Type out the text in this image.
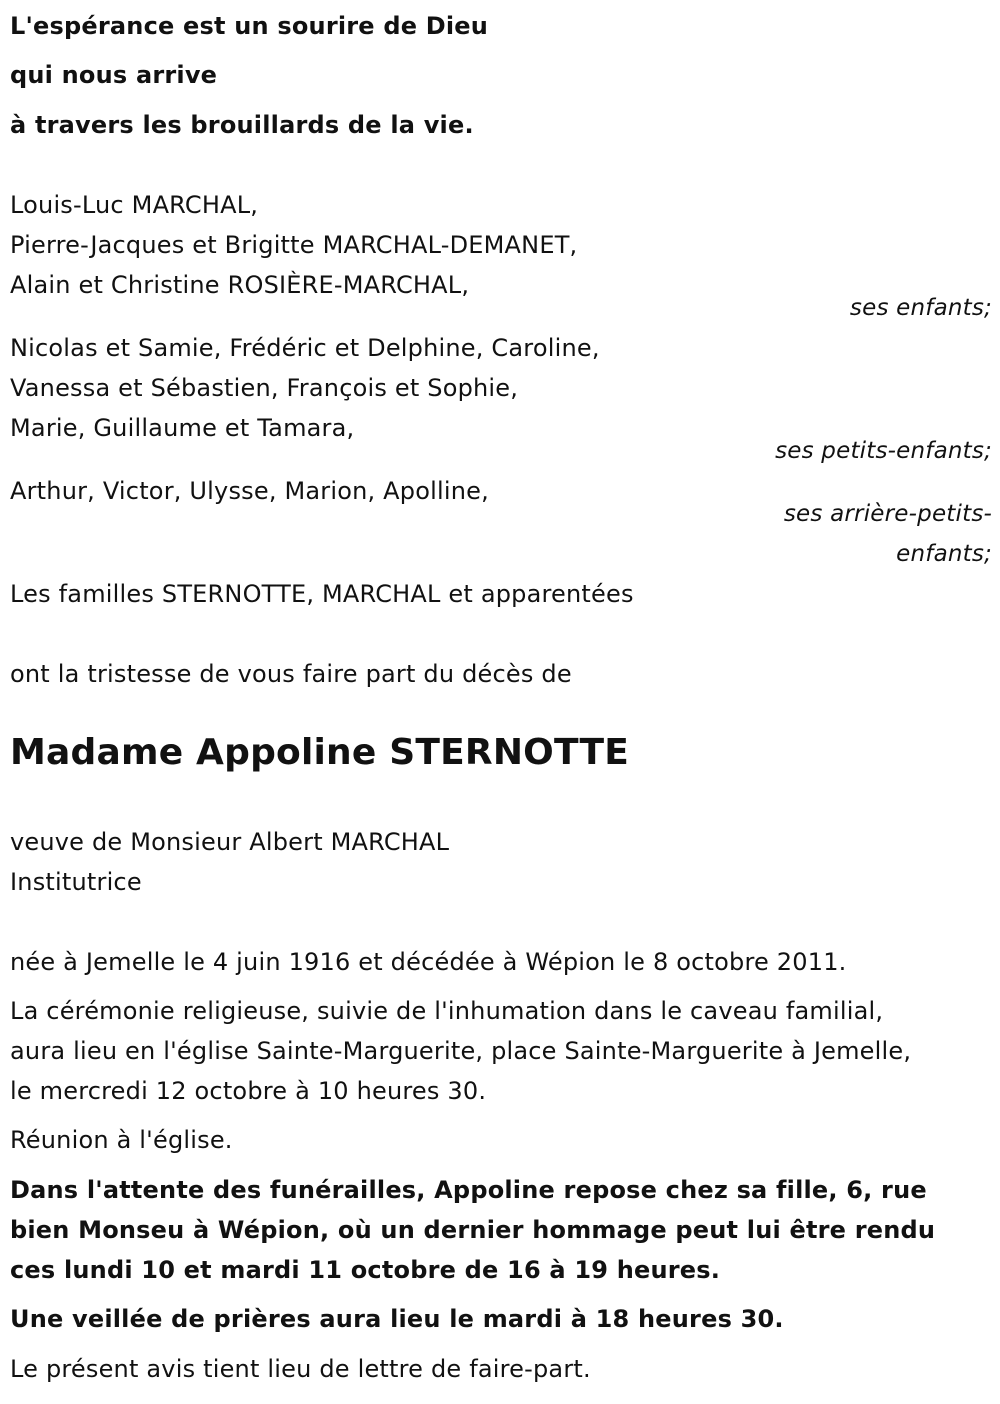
L'espérance est un sourire de Dieu
qui nous arrive
à travers les brouillards de la vie.
Louis-Luc MARCHAL,
Pierre-Jacques et Brigitte MARCHAL-DEMANET,
Alain et Christine ROSIÈRE-MARCHAL,
ses enfants;
Nicolas et Samie, Frédéric et Delphine, Caroline,
Vanessa et Sébastien, François et Sophie,
Marie, Guillaume et Tamara,
ses petits-enfants;
Arthur, Victor, Ulysse, Marion, Apolline,
ses arrière-petits-
enfants;
Les familles STERNOTTE, MARCHAL et apparentées
ont la tristesse de vous faire part du décès de
Madame Appoline STERNOTTE
veuve de Monsieur Albert MARCHAL
Institutrice
née à Jemelle le 4 juin 1916 et décédée à Wépion le 8 octobre 2011.
La cérémonie religieuse, suivie de l'inhumation dans le caveau familial,
aura lieu en l'église Sainte-Marguerite, place Sainte-Marguerite à Jemelle,
le mercredi 12 octobre à 10 heures 30.
Réunion à l'église.
Dans l'attente des funérailles, Appoline repose chez sa fille, 6, rue
bien Monseu à Wépion, où un dernier hommage peut lui être rendu
ces lundi 10 et mardi 11 octobre de 16 à 19 heures.
Une veillée de prières aura lieu le mardi à 18 heures 30.
Le présent avis tient lieu de lettre de faire-part.
